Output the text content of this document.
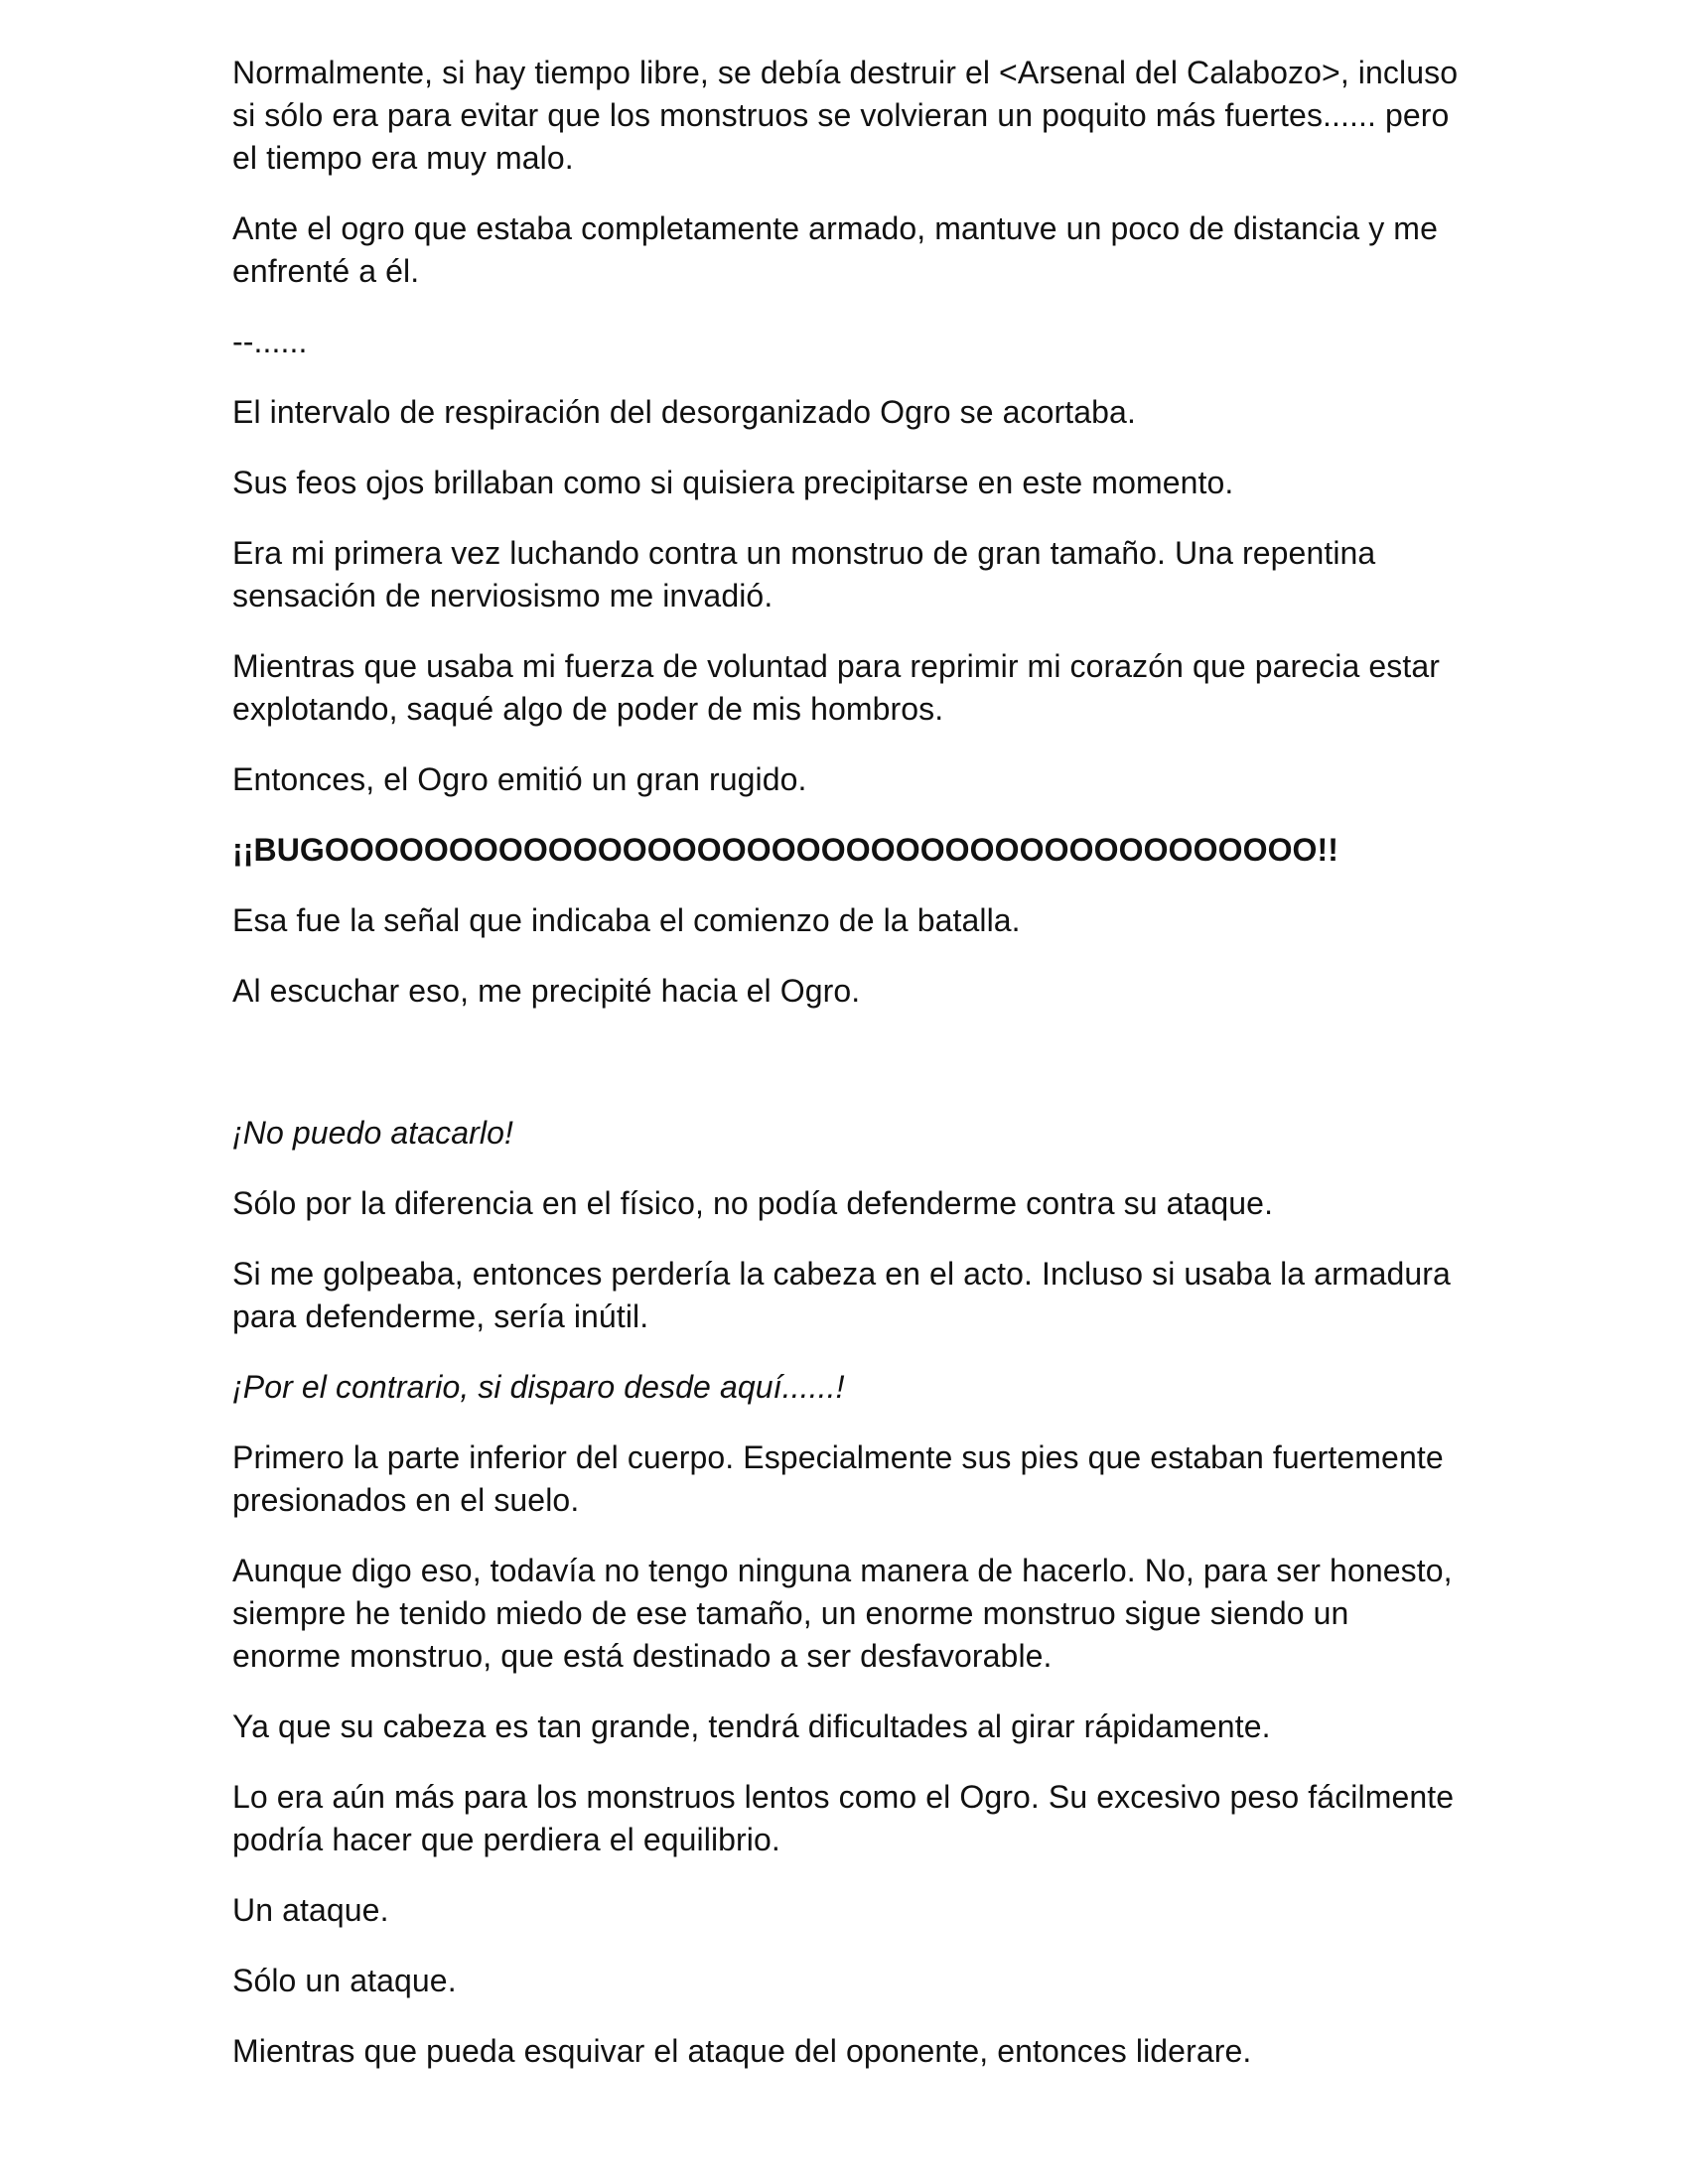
Normalmente, si hay tiempo libre, se debía destruir el <Arsenal del Calabozo>, incluso si sólo era para evitar que los monstruos se volvieran un poquito más fuertes...... pero el tiempo era muy malo.

Ante el ogro que estaba completamente armado, mantuve un poco de distancia y me enfrenté a él.

--......

El intervalo de respiración del desorganizado Ogro se acortaba.

Sus feos ojos brillaban como si quisiera precipitarse en este momento.

Era mi primera vez luchando contra un monstruo de gran tamaño. Una repentina sensación de nerviosismo me invadió.

Mientras que usaba mi fuerza de voluntad para reprimir mi corazón que parecia estar explotando, saqué algo de poder de mis hombros.

Entonces, el Ogro emitió un gran rugido.

¡¡BUGOOOOOOOOOOOOOOOOOOOOOOOOOOOOOOOOOOOOOOOO!!

Esa fue la señal que indicaba el comienzo de la batalla.

Al escuchar eso, me precipité hacia el Ogro.

¡No puedo atacarlo!

Sólo por la diferencia en el físico, no podía defenderme contra su ataque.

Si me golpeaba, entonces perdería la cabeza en el acto. Incluso si usaba la armadura para defenderme, sería inútil.

¡Por el contrario, si disparo desde aquí......!

Primero la parte inferior del cuerpo. Especialmente sus pies que estaban fuertemente presionados en el suelo.

Aunque digo eso, todavía no tengo ninguna manera de hacerlo. No, para ser honesto, siempre he tenido miedo de ese tamaño, un enorme monstruo sigue siendo un enorme monstruo, que está destinado a ser desfavorable.

Ya que su cabeza es tan grande, tendrá dificultades al girar rápidamente.

Lo era aún más para los monstruos lentos como el Ogro. Su excesivo peso fácilmente podría hacer que perdiera el equilibrio.

Un ataque.

Sólo un ataque.

Mientras que pueda esquivar el ataque del oponente, entonces liderare.
